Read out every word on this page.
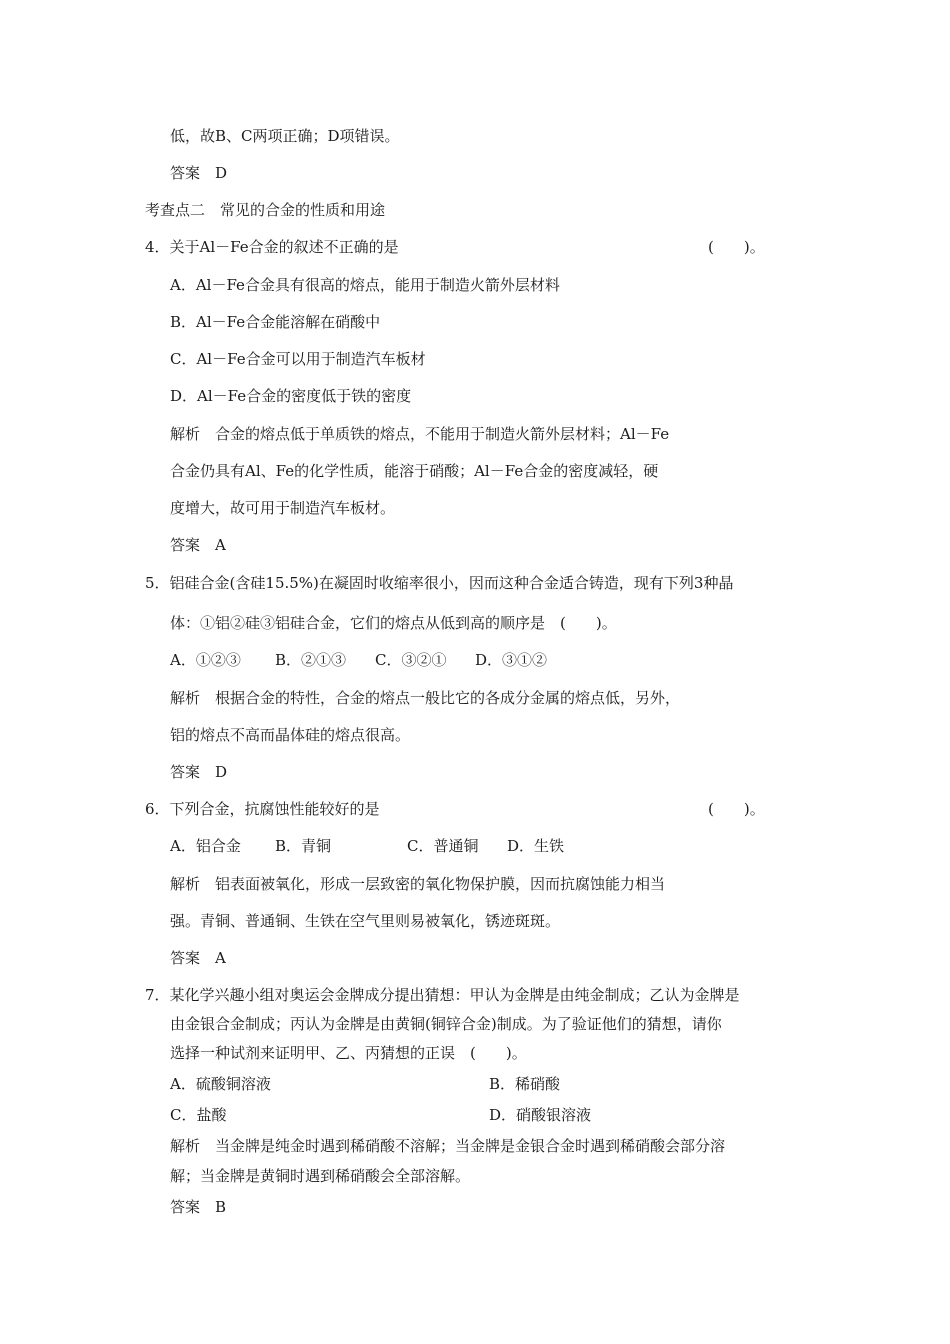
低，故B、C两项正确；D项错误。
答案　D
考查点二　常见的合金的性质和用途
4．关于Al－Fe合金的叙述不正确的是	(　　)。
A．Al－Fe合金具有很高的熔点，能用于制造火箭外层材料
B．Al－Fe合金能溶解在硝酸中
C．Al－Fe合金可以用于制造汽车板材
D．Al－Fe合金的密度低于铁的密度
解析　合金的熔点低于单质铁的熔点，不能用于制造火箭外层材料；Al－Fe
合金仍具有Al、Fe的化学性质，能溶于硝酸；Al－Fe合金的密度减轻，硬
度增大，故可用于制造汽车板材。
答案　A
5．铝硅合金(含硅15.5%)在凝固时收缩率很小，因而这种合金适合铸造，现有下列3种晶
体：①铝②硅③铝硅合金，它们的熔点从低到高的顺序是　(　　)。
A．①②③ B．②①③ C．③②① D．③①②
解析　根据合金的特性，合金的熔点一般比它的各成分金属的熔点低，另外，
铝的熔点不高而晶体硅的熔点很高。
答案　D
6．下列合金，抗腐蚀性能较好的是	(　　)。
A．铝合金 B．青铜	C．普通铜 D．生铁
解析　铝表面被氧化，形成一层致密的氧化物保护膜，因而抗腐蚀能力相当
强。青铜、普通铜、生铁在空气里则易被氧化，锈迹斑斑。
答案　A
7．某化学兴趣小组对奥运会金牌成分提出猜想：甲认为金牌是由纯金制成；乙认为金牌是
由金银合金制成；丙认为金牌是由黄铜(铜锌合金)制成。为了验证他们的猜想，请你
选择一种试剂来证明甲、乙、丙猜想的正误　(　　)。
A．硫酸铜溶液	B．稀硝酸
C．盐酸	D．硝酸银溶液
解析　当金牌是纯金时遇到稀硝酸不溶解；当金牌是金银合金时遇到稀硝酸会部分溶
解；当金牌是黄铜时遇到稀硝酸会全部溶解。
答案　B
